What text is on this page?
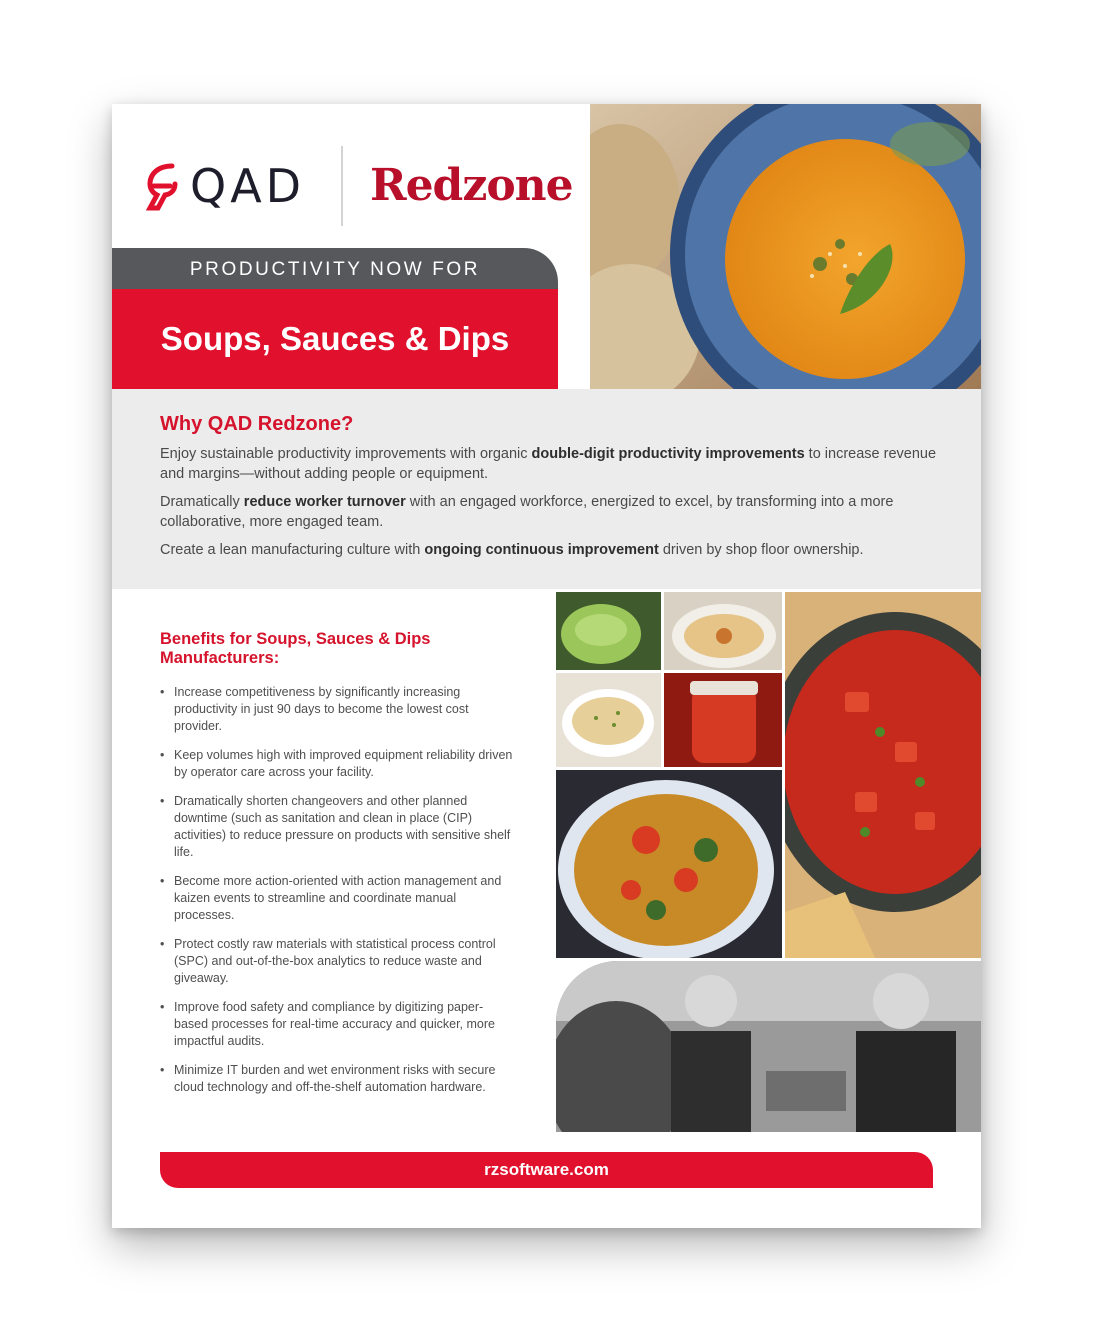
QAD Redzone
PRODUCTIVITY NOW FOR
Soups, Sauces & Dips
Why QAD Redzone?

Enjoy sustainable productivity improvements with organic double-digit productivity improvements to increase revenue and margins—without adding people or equipment.

Dramatically reduce worker turnover with an engaged workforce, energized to excel, by transforming into a more collaborative, more engaged team.

Create a lean manufacturing culture with ongoing continuous improvement driven by shop floor ownership.

Benefits for Soups, Sauces & Dips Manufacturers:
• Increase competitiveness by significantly increasing productivity in just 90 days to become the lowest cost provider.
• Keep volumes high with improved equipment reliability driven by operator care across your facility.
• Dramatically shorten changeovers and other planned downtime (such as sanitation and clean in place (CIP) activities) to reduce pressure on products with sensitive shelf life.
• Become more action-oriented with action management and kaizen events to streamline and coordinate manual processes.
• Protect costly raw materials with statistical process control (SPC) and out-of-the-box analytics to reduce waste and giveaway.
• Improve food safety and compliance by digitizing paper-based processes for real-time accuracy and quicker, more impactful audits.
• Minimize IT burden and wet environment risks with secure cloud technology and off-the-shelf automation hardware.
rzsoftware.com
